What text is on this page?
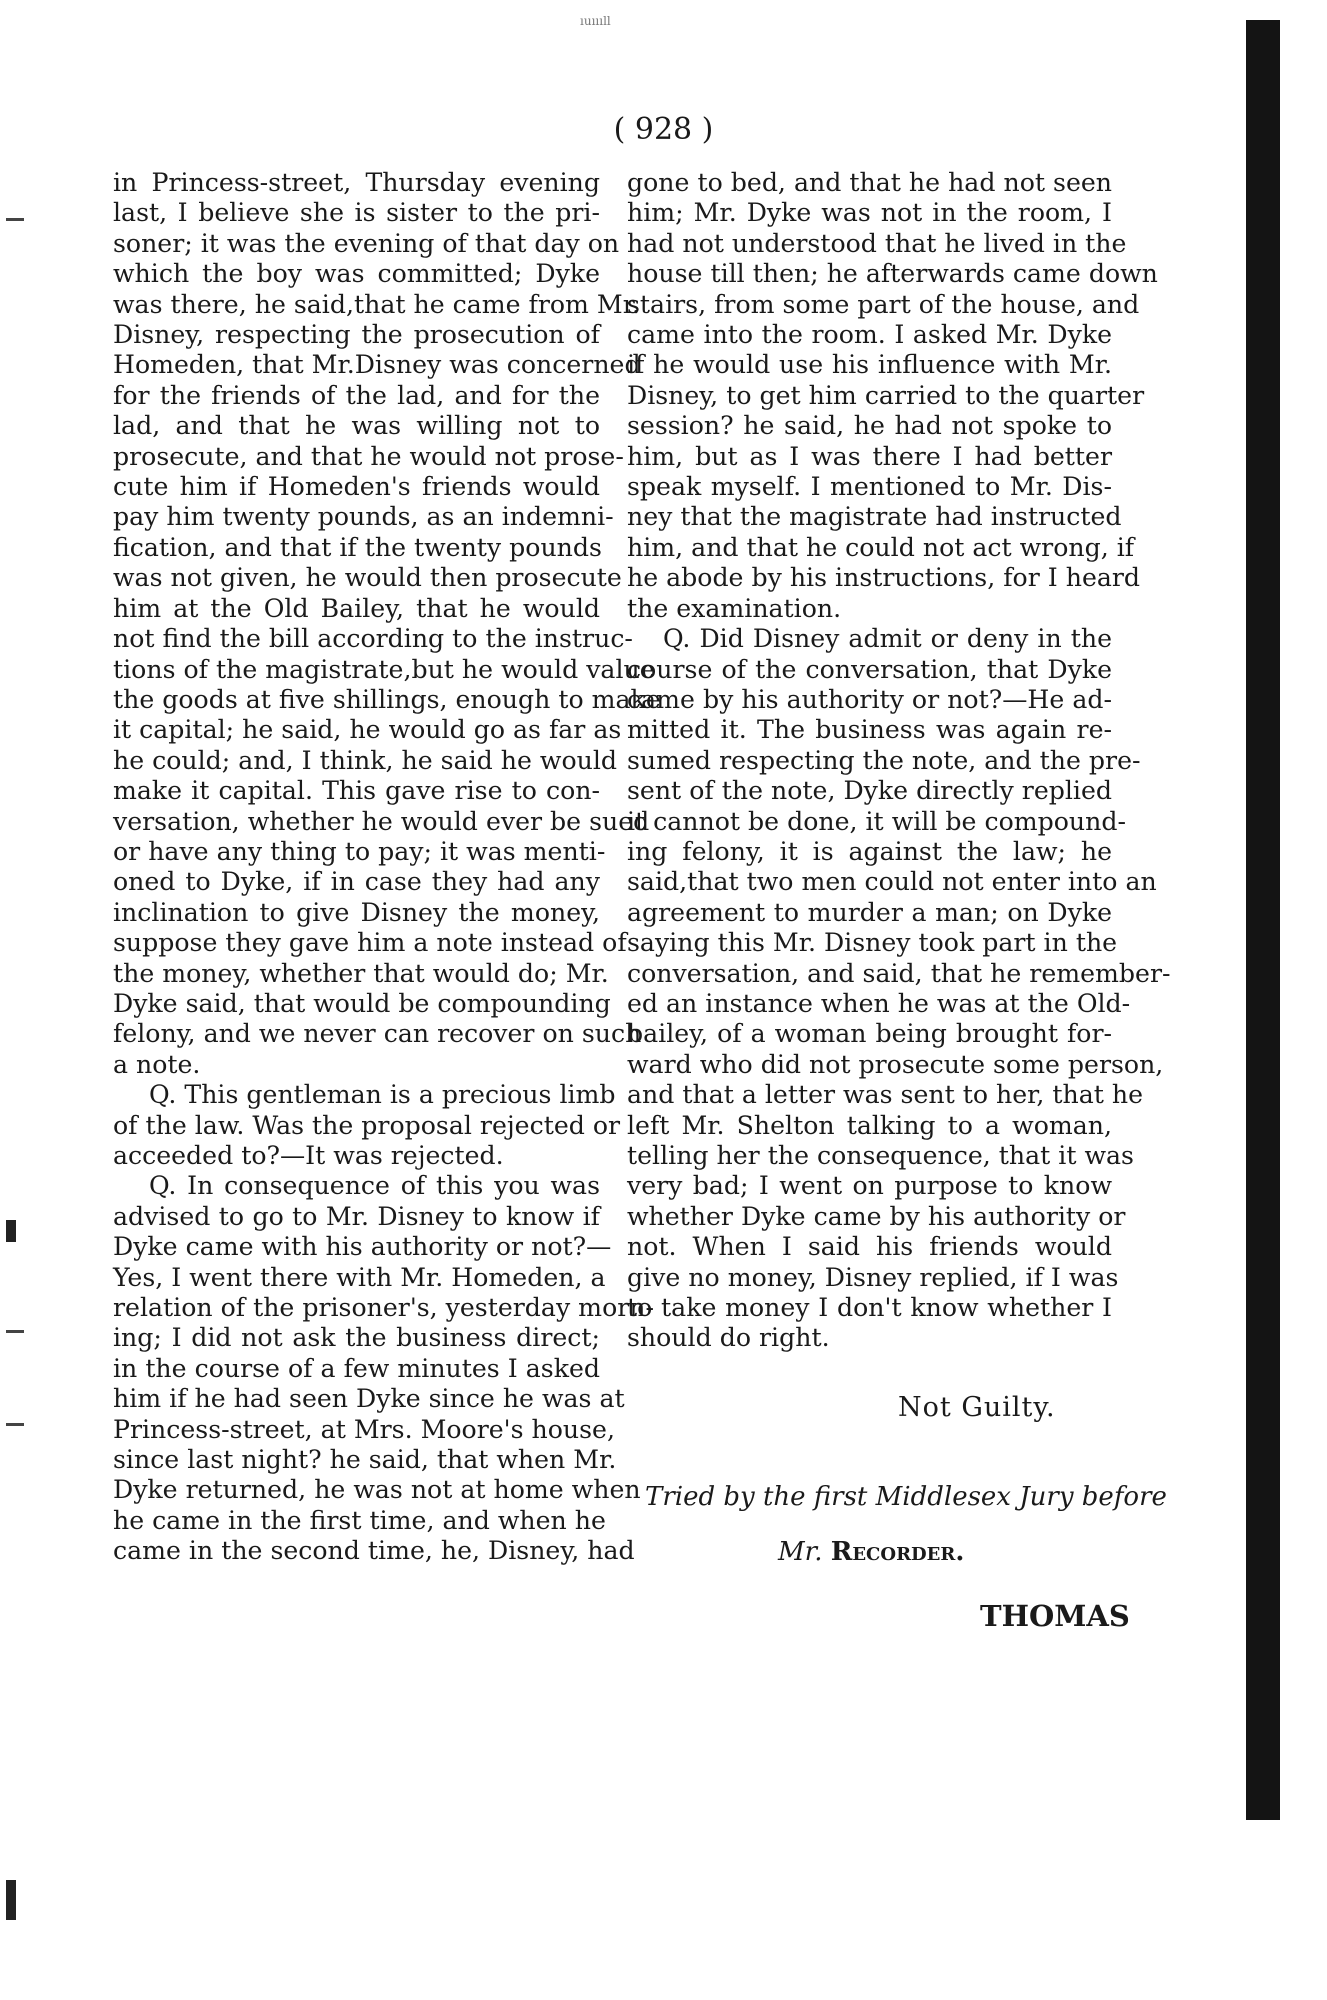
ıuıııll
( 928 )
in Princess-street, Thursday evening
last, I believe she is sister to the pri-
soner; it was the evening of that day on
which the boy was committed; Dyke
was there, he said,that he came from Mr.
Disney, respecting the prosecution of
Homeden, that Mr.Disney was concerned
for the friends of the lad, and for the
lad, and that he was willing not to
prosecute, and that he would not prose-
cute him if Homeden's friends would
pay him twenty pounds, as an indemni-
fication, and that if the twenty pounds
was not given, he would then prosecute
him at the Old Bailey, that he would
not find the bill according to the instruc-
tions of the magistrate,but he would value
the goods at five shillings, enough to make
it capital; he said, he would go as far as
he could; and, I think, he said he would
make it capital. This gave rise to con-
versation, whether he would ever be sued
or have any thing to pay; it was menti-
oned to Dyke, if in case they had any
inclination to give Disney the money,
suppose they gave him a note instead of
the money, whether that would do; Mr.
Dyke said, that would be compounding
felony, and we never can recover on such
a note.
Q. This gentleman is a precious limb
of the law. Was the proposal rejected or
acceeded to?—It was rejected.
Q. In consequence of this you was
advised to go to Mr. Disney to know if
Dyke came with his authority or not?—
Yes, I went there with Mr. Homeden, a
relation of the prisoner's, yesterday morn-
ing; I did not ask the business direct;
in the course of a few minutes I asked
him if he had seen Dyke since he was at
Princess-street, at Mrs. Moore's house,
since last night? he said, that when Mr.
Dyke returned, he was not at home when
he came in the first time, and when he
came in the second time, he, Disney, had
gone to bed, and that he had not seen
him; Mr. Dyke was not in the room, I
had not understood that he lived in the
house till then; he afterwards came down
stairs, from some part of the house, and
came into the room. I asked Mr. Dyke
if he would use his influence with Mr.
Disney, to get him carried to the quarter
session? he said, he had not spoke to
him, but as I was there I had better
speak myself. I mentioned to Mr. Dis-
ney that the magistrate had instructed
him, and that he could not act wrong, if
he abode by his instructions, for I heard
the examination.
Q. Did Disney admit or deny in the
course of the conversation, that Dyke
came by his authority or not?—He ad-
mitted it. The business was again re-
sumed respecting the note, and the pre-
sent of the note, Dyke directly replied
it cannot be done, it will be compound-
ing felony, it is against the law; he
said,that two men could not enter into an
agreement to murder a man; on Dyke
saying this Mr. Disney took part in the
conversation, and said, that he remember-
ed an instance when he was at the Old-
bailey, of a woman being brought for-
ward who did not prosecute some person,
and that a letter was sent to her, that he
left Mr. Shelton talking to a woman,
telling her the consequence, that it was
very bad; I went on purpose to know
whether Dyke came by his authority or
not. When I said his friends would
give no money, Disney replied, if I was
to take money I don't know whether I
should do right.
Not Guilty.
Tried by the first Middlesex Jury before
Mr. Recorder.
THOMAS
